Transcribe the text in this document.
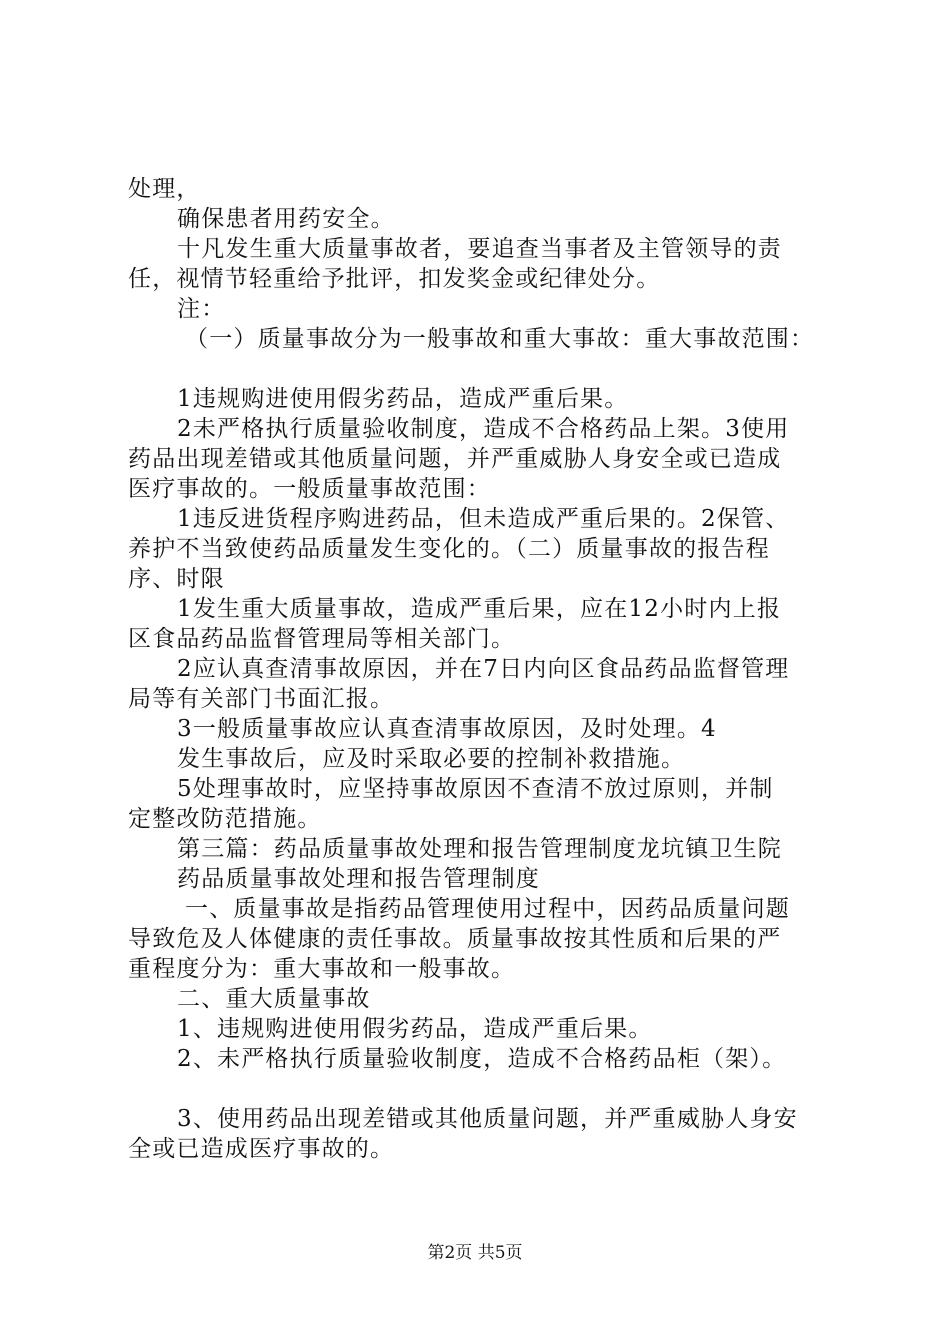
处理，
确保患者用药安全。
十凡发生重大质量事故者，要追查当事者及主管领导的责
任，视情节轻重给予批评，扣发奖金或纪律处分。
注：
（一）质量事故分为一般事故和重大事故：重大事故范围：
1违规购进使用假劣药品，造成严重后果。
2未严格执行质量验收制度，造成不合格药品上架。3使用
药品出现差错或其他质量问题，并严重威胁人身安全或已造成
医疗事故的。一般质量事故范围：
1违反进货程序购进药品，但未造成严重后果的。2保管、
养护不当致使药品质量发生变化的。（二）质量事故的报告程
序、时限
1发生重大质量事故，造成严重后果，应在12小时内上报
区食品药品监督管理局等相关部门。
2应认真查清事故原因，并在7日内向区食品药品监督管理
局等有关部门书面汇报。
3一般质量事故应认真查清事故原因，及时处理。4
发生事故后，应及时采取必要的控制补救措施。
5处理事故时，应坚持事故原因不查清不放过原则，并制
定整改防范措施。
第三篇：药品质量事故处理和报告管理制度龙坑镇卫生院
药品质量事故处理和报告管理制度
一、质量事故是指药品管理使用过程中，因药品质量问题
导致危及人体健康的责任事故。质量事故按其性质和后果的严
重程度分为：重大事故和一般事故。
二、重大质量事故
1、违规购进使用假劣药品，造成严重后果。
2、未严格执行质量验收制度，造成不合格药品柜（架）。
3、使用药品出现差错或其他质量问题，并严重威胁人身安
全或已造成医疗事故的。
第2页 共5页
